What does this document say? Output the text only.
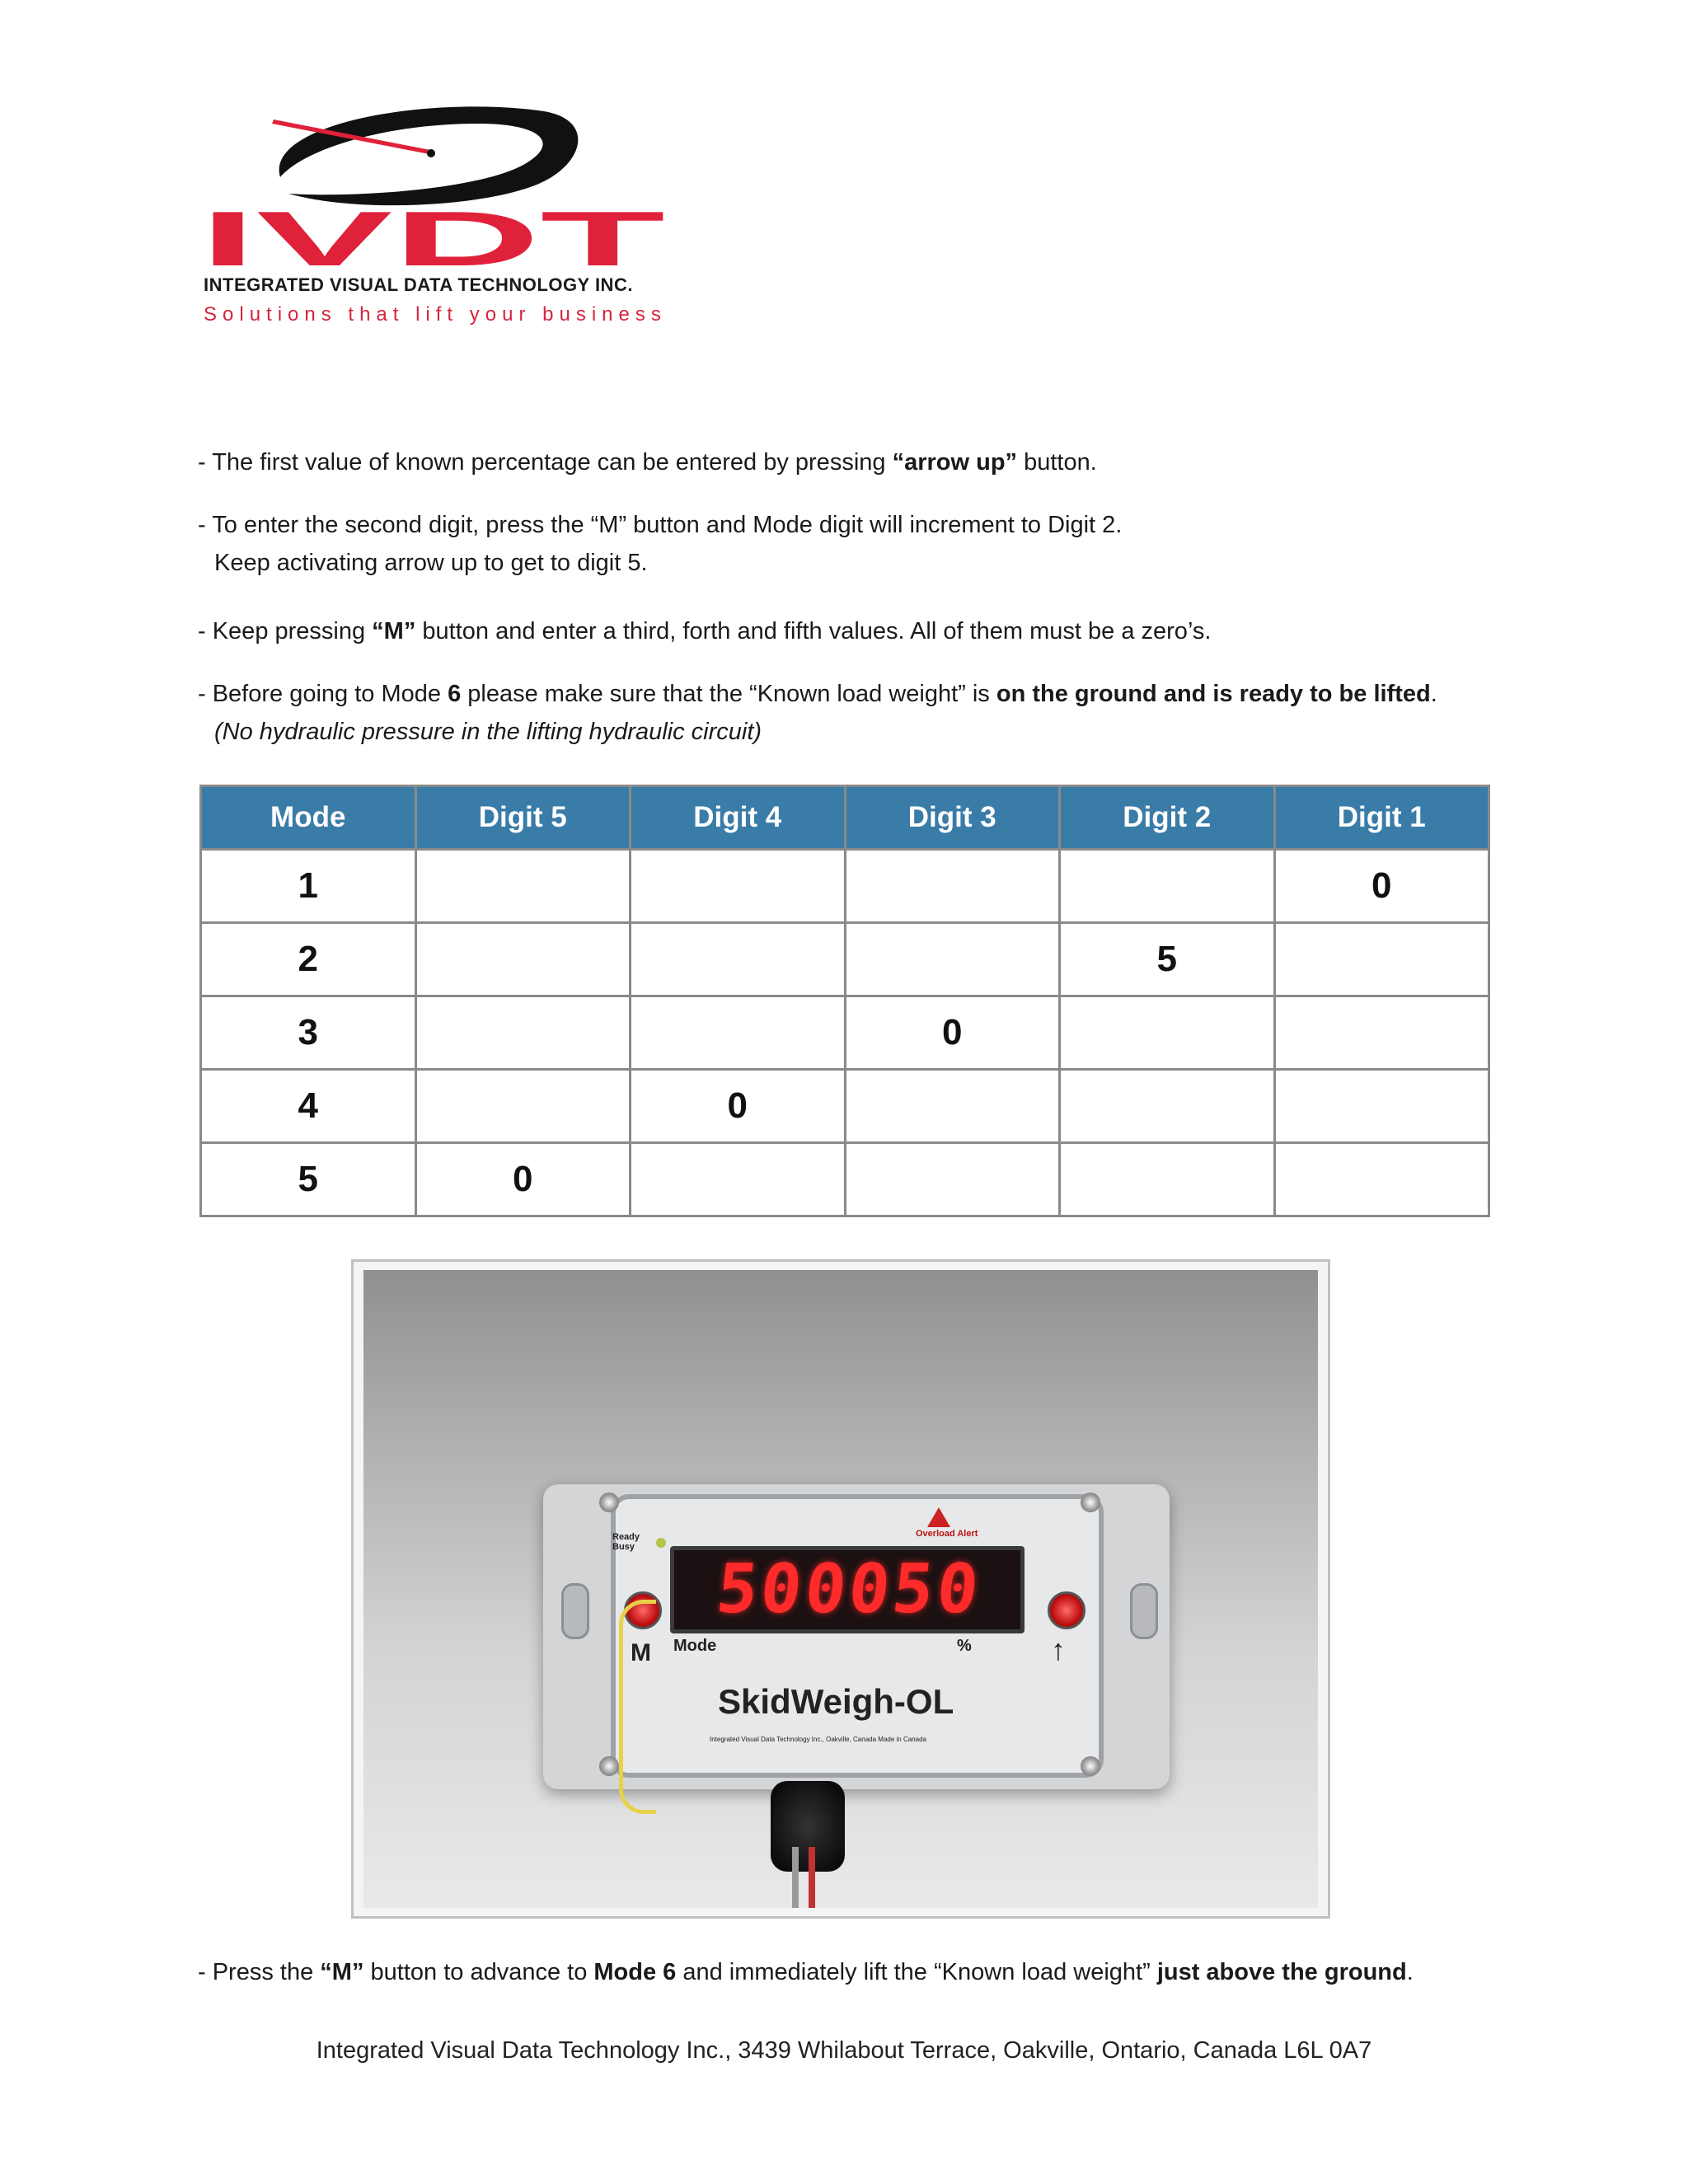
IVDT
INTEGRATED VISUAL DATA TECHNOLOGY INC.
Solutions that lift your business
- The first value of known percentage can be entered by pressing “arrow up” button.
- To enter the second digit, press the “M” button and Mode digit will increment to Digit 2.
Keep activating arrow up to get to digit 5.
- Keep pressing “M” button and enter a third, forth and fifth values. All of them must be a zero’s.
- Before going to Mode 6 please make sure that the “Known load weight” is on the ground and is ready to be lifted.
(No hydraulic pressure in the lifting hydraulic circuit)
Mode	Digit 5	Digit 4	Digit 3	Digit 2	Digit 1
1					0
2				5	
3			0		
4		0			
5	0				
Ready
Busy
Overload Alert
5
0
0
0
5
0
M Mode	%	↑
SkidWeigh-OL
Integrated Visual Data Technology Inc., Oakville, Canada Made in Canada
- Press the “M” button to advance to Mode 6 and immediately lift the “Known load weight” just above the ground.
Integrated Visual Data Technology Inc., 3439 Whilabout Terrace, Oakville, Ontario, Canada L6L 0A7
